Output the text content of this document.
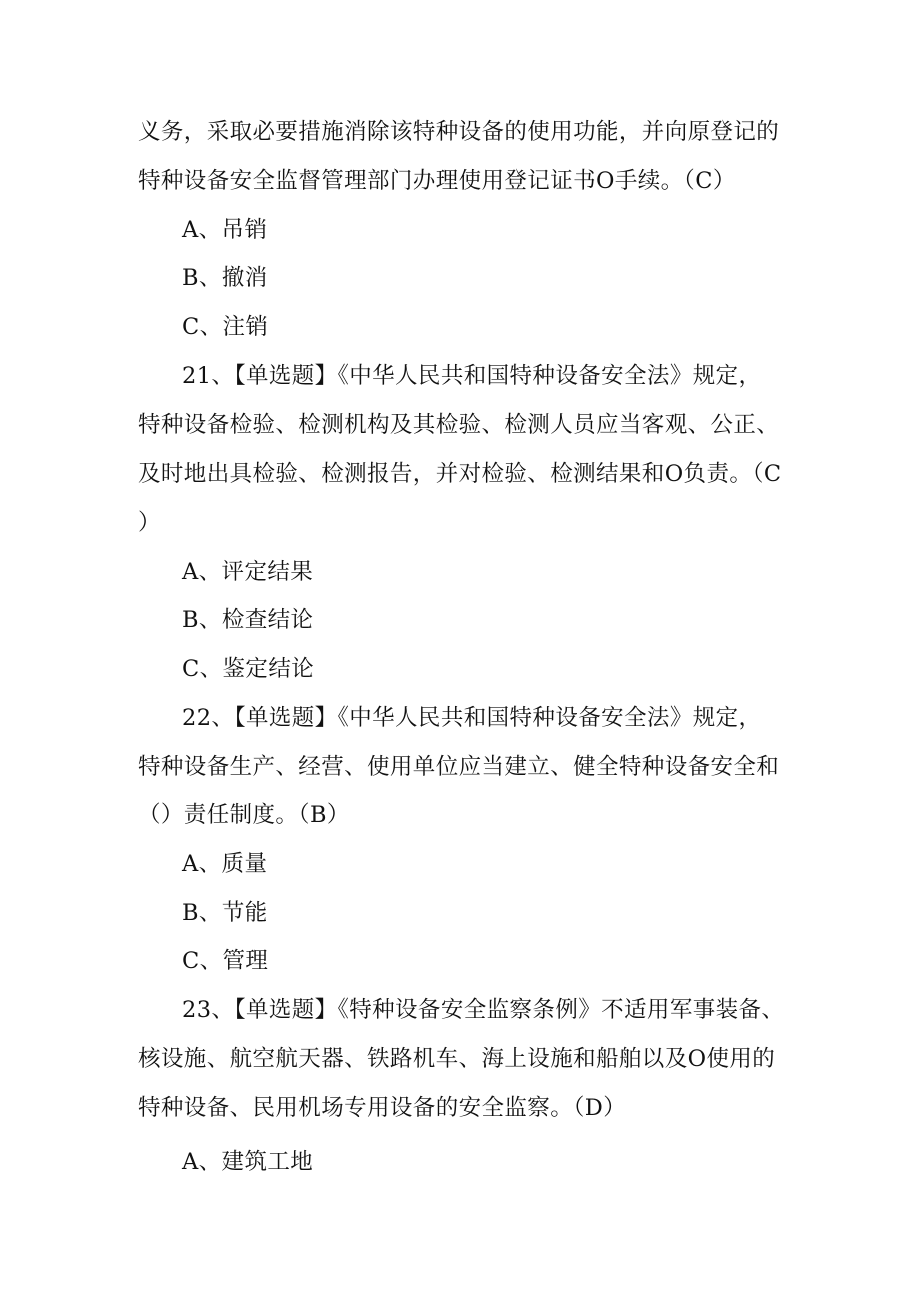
义务，采取必要措施消除该特种设备的使用功能，并向原登记的
特种设备安全监督管理部门办理使用登记证书O手续。（C）
A、吊销
B、撤消
C、注销
21、【单选题】《中华人民共和国特种设备安全法》规定，
特种设备检验、检测机构及其检验、检测人员应当客观、公正、
及时地出具检验、检测报告，并对检验、检测结果和O负责。（C
）
A、评定结果
B、检查结论
C、鉴定结论
22、【单选题】《中华人民共和国特种设备安全法》规定，
特种设备生产、经营、使用单位应当建立、健全特种设备安全和
（）责任制度。（B）
A、质量
B、节能
C、管理
23、【单选题】《特种设备安全监察条例》不适用军事装备、
核设施、航空航天器、铁路机车、海上设施和船舶以及O使用的
特种设备、民用机场专用设备的安全监察。（D）
A、建筑工地
